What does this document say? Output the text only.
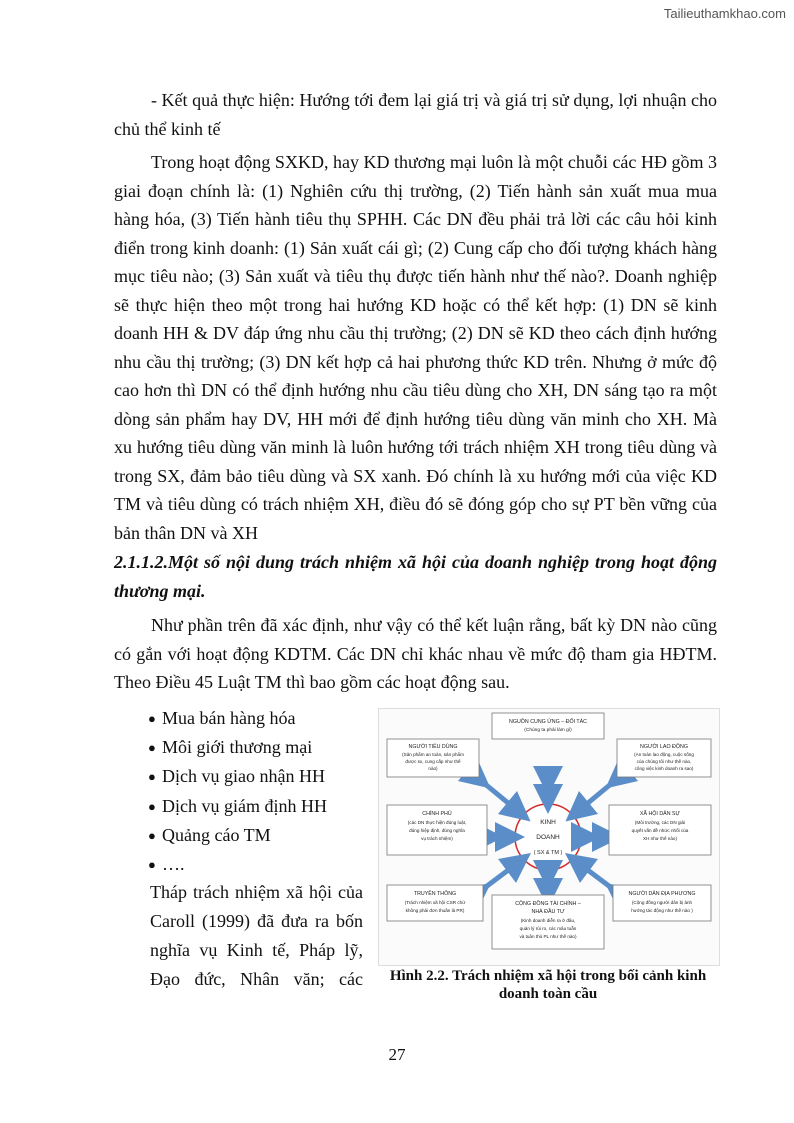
Tailieuthamkhao.com

- Kết quả thực hiện: Hướng tới đem lại giá trị và giá trị sử dụng, lợi nhuận cho chủ thể kinh tế

Trong hoạt động SXKD, hay KD thương mại luôn là một chuỗi các HĐ gồm 3 giai đoạn chính là: (1) Nghiên cứu thị trường, (2) Tiến hành sản xuất mua mua hàng hóa, (3) Tiến hành tiêu thụ SPHH. Các DN đều phải trả lời các câu hỏi kinh điển trong kinh doanh: (1) Sản xuất cái gì; (2) Cung cấp cho đối tượng khách hàng mục tiêu nào; (3) Sản xuất và tiêu thụ được tiến hành như thế nào?. Doanh nghiệp sẽ thực hiện theo một trong hai hướng KD hoặc có thể kết hợp: (1) DN sẽ kinh doanh HH & DV đáp ứng nhu cầu thị trường; (2) DN sẽ KD theo cách định hướng nhu cầu thị trường; (3) DN kết hợp cả hai phương thức KD trên. Nhưng ở mức độ cao hơn thì DN có thể định hướng nhu cầu tiêu dùng cho XH, DN sáng tạo ra một dòng sản phẩm hay DV, HH mới để định hướng tiêu dùng văn minh cho XH. Mà xu hướng tiêu dùng văn minh là luôn hướng tới trách nhiệm XH trong tiêu dùng và trong SX, đảm bảo tiêu dùng và SX xanh. Đó chính là xu hướng mới của việc KD TM và tiêu dùng có trách nhiệm XH, điều đó sẽ đóng góp cho sự PT bền vững của bản thân DN và XH

2.1.1.2.Một số nội dung trách nhiệm xã hội của doanh nghiệp trong hoạt động thương mại.

Như phần trên đã xác định, như vậy có thể kết luận rằng, bất kỳ DN nào cũng có gắn với hoạt động KDTM. Các DN chỉ khác nhau về mức độ tham gia HĐTM. Theo Điều 45 Luật TM thì bao gồm các hoạt động sau.

● Mua bán hàng hóa
● Môi giới thương mại
● Dịch vụ giao nhận HH
● Dịch vụ giám định HH
● Quảng cáo TM
● ….

Tháp trách nhiệm xã hội của Caroll (1999) đã đưa ra bốn nghĩa vụ Kinh tế, Pháp lỹ, Đạo đức, Nhân văn; các

KINH
DOANH
( SX & TM )
NGUỒN CUNG ỨNG – ĐỐI TÁC
(Chúng ta phải làm gì)
NGƯỜI TIÊU DÙNG
(Sản phẩm an toàn, sản phẩm
được sx, cung cấp như thế
nào)
NGƯỜI LAO ĐỘNG
(An toàn lao động, cuộc sống
của chúng tôi như thế nào,
công việc kinh doanh ra sao)
CHÍNH PHỦ
(các DN thực hiện đúng luật,
đúng hiệp định, đúng nghĩa
vụ trách nhiệm)
XÃ HỘI DÂN SỰ
(Môi trường, các DN giải
quyết vấn đề nhức nhối của
XH như thế nào)
TRUYỀN THÔNG
(Trách nhiệm xã hội CSR chứ
không phải đơn thuần là PR)
CỘNG ĐỒNG TÀI CHÍNH –
NHÀ ĐẦU TƯ
(Kinh doanh diễn ra ở đâu,
quản lý rủi ro, các mâu tuẫn
và tuân thủ PL như thế nào)
NGƯỜI DÂN ĐỊA PHƯƠNG
(Cộng đồng người dân bị ảnh
hưởng tác động như thế nào )

Hình 2.2. Trách nhiệm xã hội trong bối cảnh kinh doanh toàn cầu

27
